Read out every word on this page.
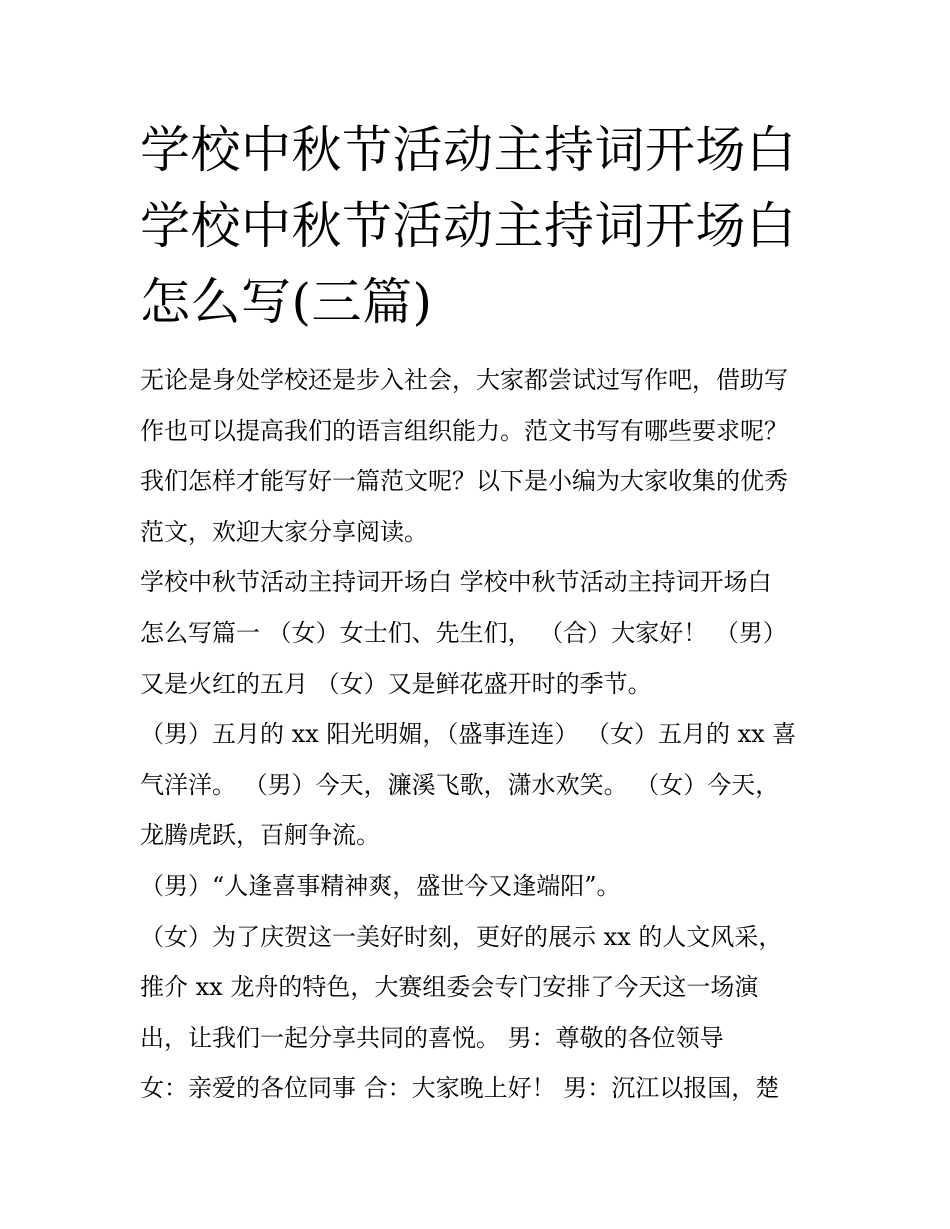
学校中秋节活动主持词开场白
学校中秋节活动主持词开场白
怎么写(三篇)
无论是身处学校还是步入社会，大家都尝试过写作吧，借助写
作也可以提高我们的语言组织能力。范文书写有哪些要求呢？
我们怎样才能写好一篇范文呢？以下是小编为大家收集的优秀
范文，欢迎大家分享阅读。
学校中秋节活动主持词开场白 学校中秋节活动主持词开场白
怎么写篇一 （女）女士们、先生们， （合）大家好！ （男）
又是火红的五月 （女）又是鲜花盛开时的季节。
（男）五月的 xx 阳光明媚，（盛事连连） （女）五月的 xx 喜
气洋洋。 （男）今天，濂溪飞歌，潇水欢笑。 （女）今天，
龙腾虎跃，百舸争流。
（男）“人逢喜事精神爽，盛世今又逢端阳”。
（女）为了庆贺这一美好时刻，更好的展示 xx 的人文风采，
推介 xx 龙舟的特色，大赛组委会专门安排了今天这一场演
出，让我们一起分享共同的喜悦。 男：尊敬的各位领导
女：亲爱的各位同事 合：大家晚上好！ 男：沉江以报国，楚
